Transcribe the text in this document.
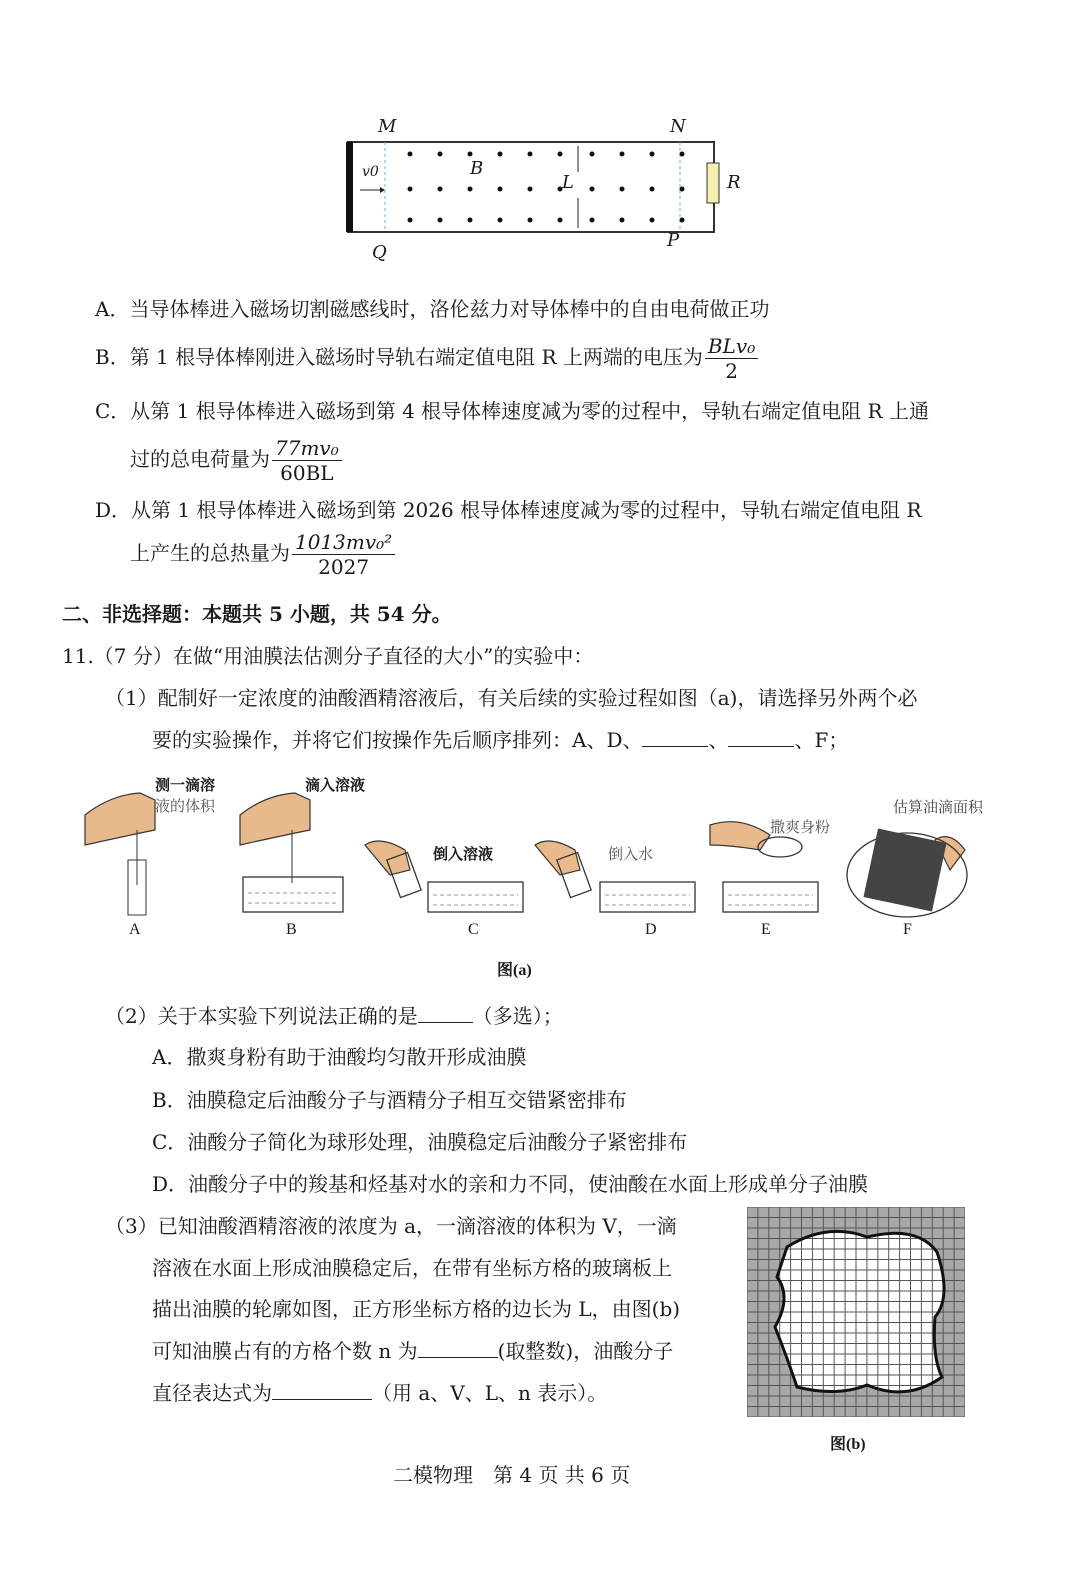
M	N
Q
P
B
L	R
v0
A．当导体棒进入磁场切割磁感线时，洛伦兹力对导体棒中的自由电荷做正功
B．第 1 根导体棒刚进入磁场时导轨右端定值电阻 R 上两端的电压为 $\frac{\text{BLv₀}}{2}$
C．从第 1 根导体棒进入磁场到第 4 根导体棒速度减为零的过程中，导轨右端定值电阻 R 上通
过的总电荷量为 $\frac{\text{77mv₀}}{60BL}$
D．从第 1 根导体棒进入磁场到第 2026 根导体棒速度减为零的过程中，导轨右端定值电阻 R
上产生的总热量为 $\frac{\text{1013mv₀²}}{2027}$
二、非选择题：本题共 5 小题，共 54 分。
11.（7 分）在做“用油膜法估测分子直径的大小”的实验中：
（1）配制好一定浓度的油酸酒精溶液后，有关后续的实验过程如图（a)，请选择另外两个必
要的实验操作，并将它们按操作先后顺序排列：A、D、	、	、F；
测一滴溶
液的体积
滴入溶液
倒入溶液	倒入水
撒爽身粉
估算油滴面积
A	B	C	D	E	F
图(a)
（2）关于本实验下列说法正确的是	（多选）；
A．撒爽身粉有助于油酸均匀散开形成油膜
B．油膜稳定后油酸分子与酒精分子相互交错紧密排布
C．油酸分子简化为球形处理，油膜稳定后油酸分子紧密排布
D．油酸分子中的羧基和烃基对水的亲和力不同，使油酸在水面上形成单分子油膜
（3）已知油酸酒精溶液的浓度为 a，一滴溶液的体积为 V，一滴
溶液在水面上形成油膜稳定后，在带有坐标方格的玻璃板上
描出油膜的轮廓如图，正方形坐标方格的边长为 L，由图(b)
可知油膜占有的方格个数 n 为	(取整数)，油酸分子
直径表达式为	（用 a、V、L、n 表示）。
图(b)
二模物理　第 4 页 共 6 页
